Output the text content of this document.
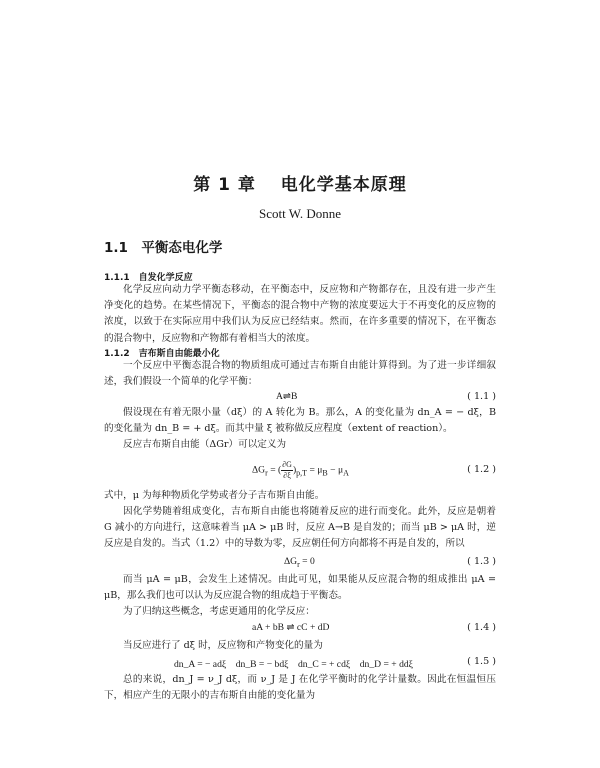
第 1 章　 电化学基本原理
Scott W. Donne
1.1　平衡态电化学
1.1.1　自发化学反应

化学反应向动力学平衡态移动，在平衡态中，反应物和产物都存在，且没有进一步产生净变化的趋势。在某些情况下，平衡态的混合物中产物的浓度要远大于不再变化的反应物的浓度，以致于在实际应用中我们认为反应已经结束。然而，在许多重要的情况下，在平衡态的混合物中，反应物和产物都有着相当大的浓度。

1.1.2　吉布斯自由能最小化

一个反应中平衡态混合物的物质组成可通过吉布斯自由能计算得到。为了进一步详细叙述，我们假设一个简单的化学平衡：

A⇌B	( 1.1 )

假设现在有着无限小量（dξ）的 A 转化为 B。那么，A 的变化量为 dn_A = − dξ，B 的变化量为 dn_B = + dξ。而其中量 ξ 被称做反应程度（extent of reaction）。

反应吉布斯自由能（ΔGr）可以定义为

$\Delta G_r$ = ( $\frac{\partial G}{\partial\xi} )_{p,T} = \mu_B - \mu_A$	( 1.2 )

式中，μ 为每种物质化学势或者分子吉布斯自由能。

因化学势随着组成变化，吉布斯自由能也将随着反应的进行而变化。此外，反应是朝着 G 减小的方向进行，这意味着当 μA > μB 时，反应 A→B 是自发的；而当 μB > μA 时，逆反应是自发的。当式（1.2）中的导数为零，反应朝任何方向都将不再是自发的，所以

$\Delta G_r = 0$	( 1.3 )

而当 μA = μB，会发生上述情况。由此可见，如果能从反应混合物的组成推出 μA = μB，那么我们也可以认为反应混合物的组成趋于平衡态。

为了归纳这些概念，考虑更通用的化学反应：

aA + bB ⇌ cC + dD	( 1.4 )

当反应进行了 dξ 时，反应物和产物变化的量为

dn_A = − adξ　dn_B = − bdξ　dn_C = + cdξ　dn_D = + ddξ	( 1.5 )

总的来说，dn_J = ν_J dξ，而 ν_J 是 J 在化学平衡时的化学计量数。因此在恒温恒压下，相应产生的无限小的吉布斯自由能的变化量为
